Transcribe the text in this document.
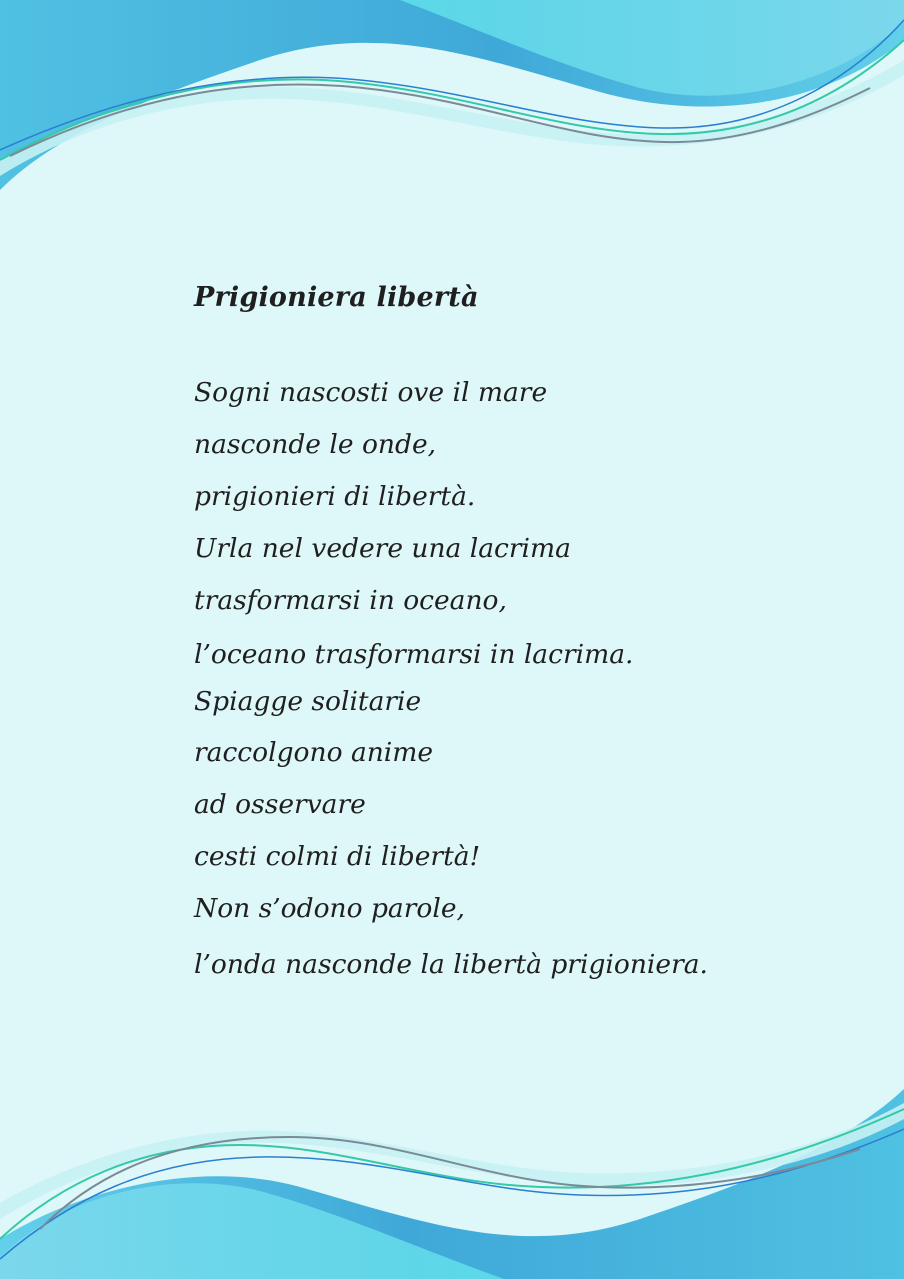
Prigioniera libertà
Sogni nascosti ove il mare
nasconde le onde,
prigionieri di libertà.
Urla nel vedere una lacrima
trasformarsi in oceano,
l’oceano trasformarsi in lacrima.
Spiagge solitarie
raccolgono anime
ad osservare
cesti colmi di libertà!
Non s’odono parole,
l’onda nasconde la libertà prigioniera.
